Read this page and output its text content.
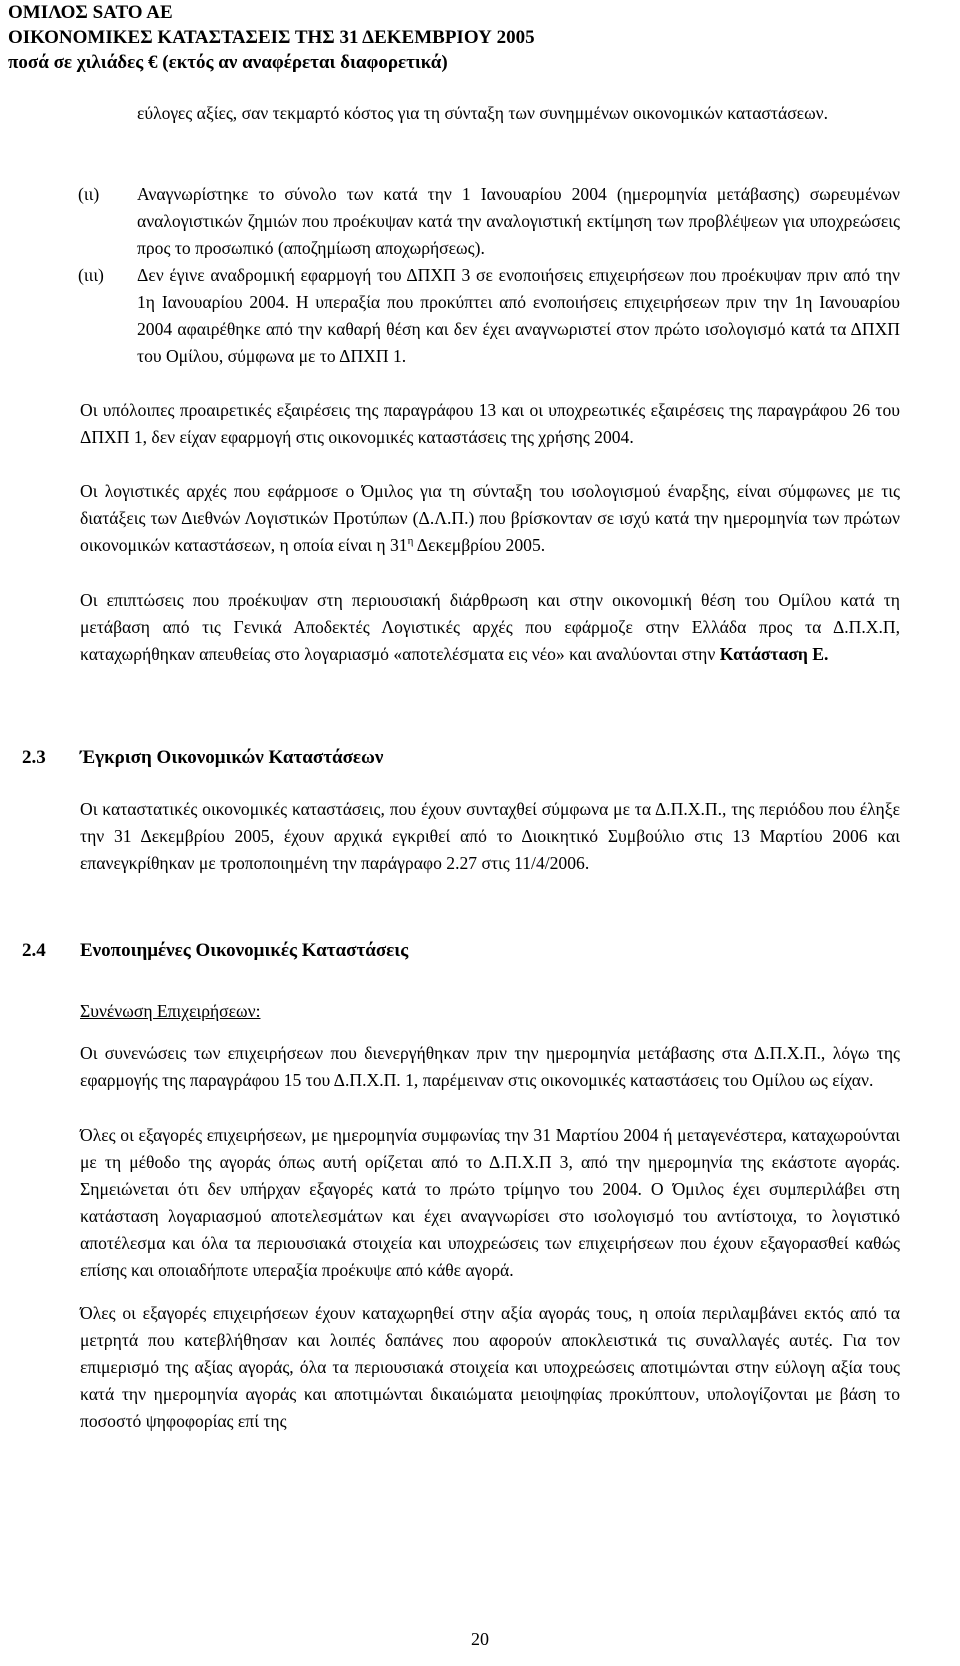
ΟΜΙΛΟΣ SATO AE
ΟΙΚΟΝΟΜΙΚΕΣ ΚΑΤΑΣΤΑΣΕΙΣ ΤΗΣ 31 ΔΕΚΕΜΒΡΙΟΥ 2005
ποσά σε χιλιάδες € (εκτός αν αναφέρεται διαφορετικά)
εύλογες αξίες, σαν τεκμαρτό κόστος για τη σύνταξη των συνημμένων οικονομικών καταστάσεων.
(ιι) Αναγνωρίστηκε το σύνολο των κατά την 1 Ιανουαρίου 2004 (ημερομηνία μετάβασης) σωρευμένων αναλογιστικών ζημιών που προέκυψαν κατά την αναλογιστική εκτίμηση των προβλέψεων για υποχρεώσεις προς το προσωπικό (αποζημίωση αποχωρήσεως).
(ιιι) Δεν έγινε αναδρομική εφαρμογή του ΔΠΧΠ 3 σε ενοποιήσεις επιχειρήσεων που προέκυψαν πριν από την 1η Ιανουαρίου 2004. Η υπεραξία που προκύπτει από ενοποιήσεις επιχειρήσεων πριν την 1η Ιανουαρίου 2004 αφαιρέθηκε από την καθαρή θέση και δεν έχει αναγνωριστεί στον πρώτο ισολογισμό κατά τα ΔΠΧΠ του Ομίλου, σύμφωνα με το ΔΠΧΠ 1.
Οι υπόλοιπες προαιρετικές εξαιρέσεις της παραγράφου 13 και οι υποχρεωτικές εξαιρέσεις της παραγράφου 26 του ΔΠΧΠ 1, δεν είχαν εφαρμογή στις οικονομικές καταστάσεις της χρήσης 2004.
Οι λογιστικές αρχές που εφάρμοσε ο Όμιλος για τη σύνταξη του ισολογισμού έναρξης, είναι σύμφωνες με τις διατάξεις των Διεθνών Λογιστικών Προτύπων (Δ.Λ.Π.) που βρίσκονταν σε ισχύ κατά την ημερομηνία των πρώτων οικονομικών καταστάσεων, η οποία είναι η $31^\eta$ Δεκεμβρίου 2005.
Οι επιπτώσεις που προέκυψαν στη περιουσιακή διάρθρωση και στην οικονομική θέση του Ομίλου κατά τη μετάβαση από τις Γενικά Αποδεκτές Λογιστικές αρχές που εφάρμοζε στην Ελλάδα προς τα Δ.Π.Χ.Π, καταχωρήθηκαν απευθείας στο λογαριασμό «αποτελέσματα εις νέο» και αναλύονται στην Κατάσταση Ε.
2.3 Έγκριση Οικονομικών Καταστάσεων
Οι καταστατικές οικονομικές καταστάσεις, που έχουν συνταχθεί σύμφωνα με τα Δ.Π.Χ.Π., της περιόδου που έληξε την 31 Δεκεμβρίου 2005, έχουν αρχικά εγκριθεί από το Διοικητικό Συμβούλιο στις 13 Μαρτίου 2006 και επανεγκρίθηκαν με τροποποιημένη την παράγραφο 2.27 στις 11/4/2006.
2.4 Ενοποιημένες Οικονομικές Καταστάσεις
Συνένωση Επιχειρήσεων:
Οι συνενώσεις των επιχειρήσεων που διενεργήθηκαν πριν την ημερομηνία μετάβασης στα Δ.Π.Χ.Π., λόγω της εφαρμογής της παραγράφου 15 του Δ.Π.Χ.Π. 1, παρέμειναν στις οικονομικές καταστάσεις του Ομίλου ως είχαν.
Όλες οι εξαγορές επιχειρήσεων, με ημερομηνία συμφωνίας την 31 Μαρτίου 2004 ή μεταγενέστερα, καταχωρούνται με τη μέθοδο της αγοράς όπως αυτή ορίζεται από το Δ.Π.Χ.Π 3, από την ημερομηνία της εκάστοτε αγοράς. Σημειώνεται ότι δεν υπήρχαν εξαγορές κατά το πρώτο τρίμηνο του 2004. Ο Όμιλος έχει συμπεριλάβει στη κατάσταση λογαριασμού αποτελεσμάτων και έχει αναγνωρίσει στο ισολογισμό του αντίστοιχα, το λογιστικό αποτέλεσμα και όλα τα περιουσιακά στοιχεία και υποχρεώσεις των επιχειρήσεων που έχουν εξαγορασθεί καθώς επίσης και οποιαδήποτε υπεραξία προέκυψε από κάθε αγορά.
Όλες οι εξαγορές επιχειρήσεων έχουν καταχωρηθεί στην αξία αγοράς τους, η οποία περιλαμβάνει εκτός από τα μετρητά που κατεβλήθησαν και λοιπές δαπάνες που αφορούν αποκλειστικά τις συναλλαγές αυτές. Για τον επιμερισμό της αξίας αγοράς, όλα τα περιουσιακά στοιχεία και υποχρεώσεις αποτιμώνται στην εύλογη αξία τους κατά την ημερομηνία αγοράς και αποτιμώνται δικαιώματα μειοψηφίας προκύπτουν, υπολογίζονται με βάση το ποσοστό ψηφοφορίας επί της
20
